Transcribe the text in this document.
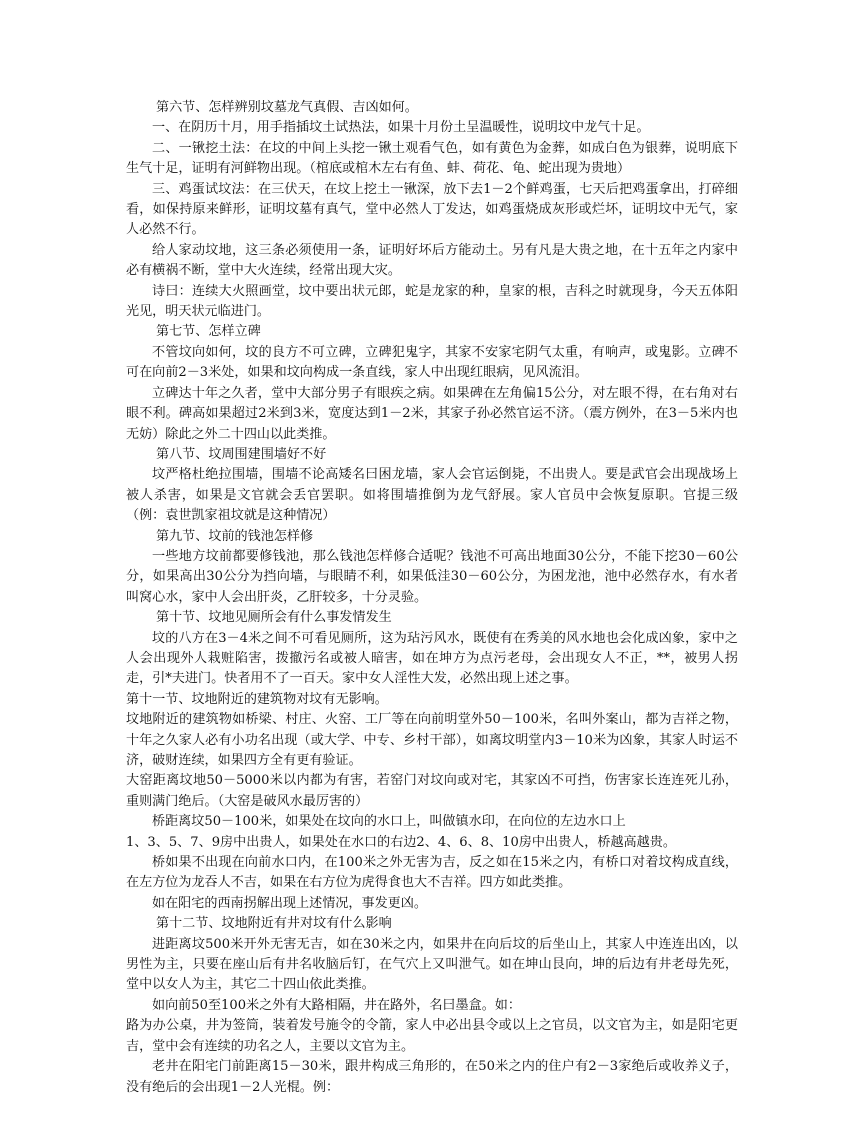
第六节、怎样辨别坟墓龙气真假、吉凶如何。

一、在阴历十月，用手指插坟土试热法，如果十月份土呈温暖性，说明坟中龙气十足。

二、一锹挖土法：在坟的中间上头挖一锹土观看气色，如有黄色为金葬，如成白色为银葬，说明底下生气十足，证明有河鲜物出现。（棺底或棺木左右有鱼、蚌、荷花、龟、蛇出现为贵地）

三、鸡蛋试坟法：在三伏天，在坟上挖土一锹深，放下去1－2个鲜鸡蛋，七天后把鸡蛋拿出，打碎细看，如保持原来鲜形，证明坟墓有真气，堂中必然人丁发达，如鸡蛋烧成灰形或烂坏，证明坟中无气，家人必然不行。

给人家动坟地，这三条必须使用一条，证明好坏后方能动土。另有凡是大贵之地，在十五年之内家中必有横祸不断，堂中大火连续，经常出现大灾。

诗曰：连续大火照画堂，坟中要出状元郎，蛇是龙家的种，皇家的根，吉科之时就现身，今天五体阳光见，明天状元临进门。

第七节、怎样立碑

不管坟向如何，坟的良方不可立碑，立碑犯鬼字，其家不安家宅阴气太重，有响声，或鬼影。立碑不可在向前2－3米处，如果和坟向构成一条直线，家人中出现红眼病，见风流泪。

立碑达十年之久者，堂中大部分男子有眼疾之病。如果碑在左角偏15公分，对左眼不得，在右角对右眼不利。碑高如果超过2米到3米，宽度达到1－2米，其家子孙必然官运不济。（震方例外，在3－5米内也无妨）除此之外二十四山以此类推。

第八节、坟周围建围墙好不好

坟严格杜绝拉围墙，围墙不论高矮名曰困龙墙，家人会官运倒毙，不出贵人。要是武官会出现战场上被人杀害，如果是文官就会丢官罢职。如将围墙推倒为龙气舒展。家人官员中会恢复原职。官提三级（例：袁世凯家祖坟就是这种情况）

第九节、坟前的钱池怎样修

一些地方坟前都要修钱池，那么钱池怎样修合适呢？钱池不可高出地面30公分，不能下挖30－60公分，如果高出30公分为挡向墙，与眼睛不利，如果低洼30－60公分，为困龙池，池中必然存水，有水者叫窝心水，家中人会出肝炎，乙肝较多，十分灵验。

第十节、坟地见厕所会有什么事发情发生

坟的八方在3－4米之间不可看见厕所，这为玷污风水，既使有在秀美的风水地也会化成凶象，家中之人会出现外人栽赃陷害，拨撤污名或被人暗害，如在坤方为点污老母，会出现女人不正，**，被男人拐走，引*夫进门。快者用不了一百天。家中女人淫性大发，必然出现上述之事。

第十一节、坟地附近的建筑物对坟有无影响。

坟地附近的建筑物如桥梁、村庄、火窑、工厂等在向前明堂外50－100米，名叫外案山，都为吉祥之物，十年之久家人必有小功名出现（或大学、中专、乡村干部），如离坟明堂内3－10米为凶象，其家人时运不济，破财连续，如果四方全有更有验证。

大窑距离坟地50－5000米以内都为有害，若窑门对坟向或对宅，其家凶不可挡，伤害家长连连死儿孙，重则满门绝后。（大窑是破风水最厉害的）

桥距离坟50－100米，如果处在坟向的水口上，叫做镇水印，在向位的左边水口上

1、3、5、7、9房中出贵人，如果处在水口的右边2、4、6、8、10房中出贵人，桥越高越贵。

桥如果不出现在向前水口内，在100米之外无害为吉，反之如在15米之内，有桥口对着坟构成直线，在左方位为龙吞人不吉，如果在右方位为虎得食也大不吉祥。四方如此类推。

如在阳宅的西南拐解出现上述情况，事发更凶。

第十二节、坟地附近有井对坟有什么影响

进距离坟500米开外无害无吉，如在30米之内，如果井在向后坟的后坐山上，其家人中连连出凶，以男性为主，只要在座山后有井名收脑后钉，在气穴上又叫泄气。如在坤山艮向，坤的后边有井老母先死，堂中以女人为主，其它二十四山依此类推。

如向前50至100米之外有大路相隔，井在路外，名曰墨盒。如：

路为办公桌，井为签筒，装着发号施令的令箭，家人中必出县令或以上之官员，以文官为主，如是阳宅更吉，堂中会有连续的功名之人，主要以文官为主。

老井在阳宅门前距离15－30米，跟井构成三角形的，在50米之内的住户有2－3家绝后或收养义子，没有绝后的会出现1－2人光棍。例：
